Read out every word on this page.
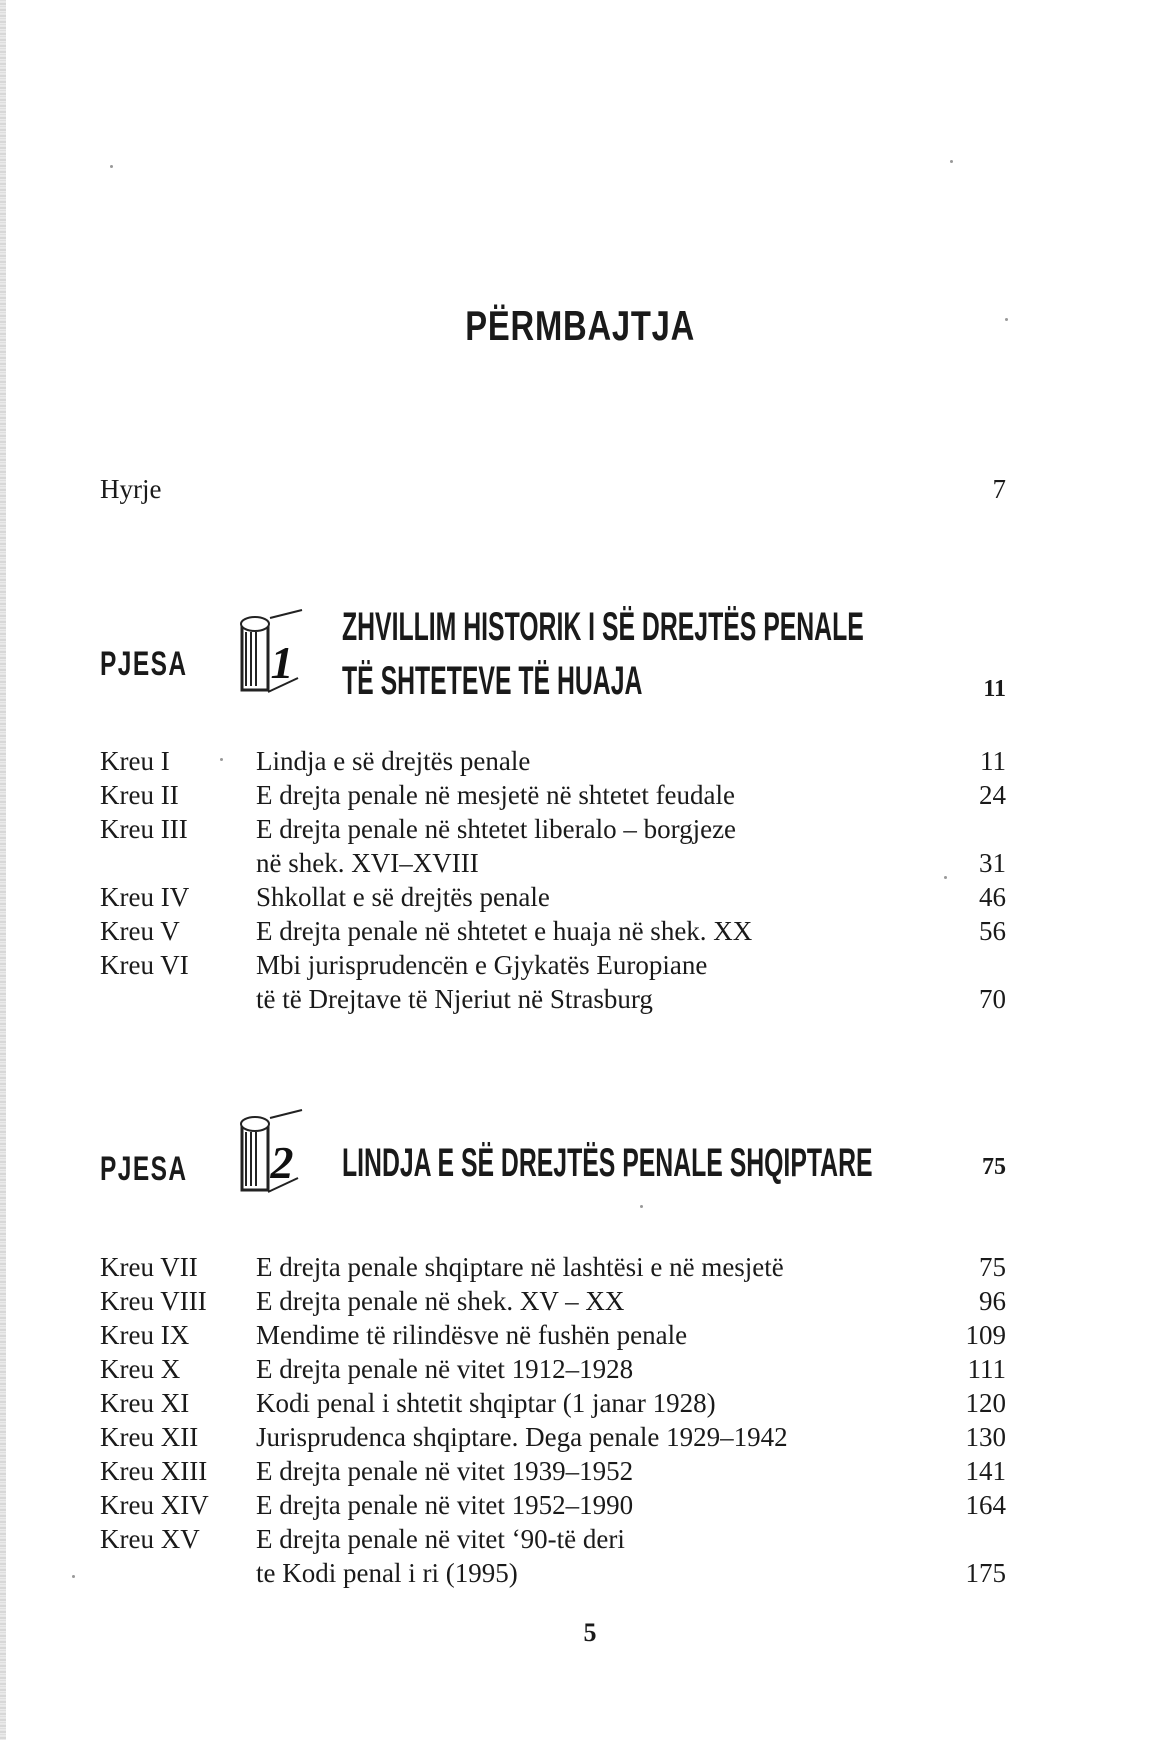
PËRMBAJTJA
Hyrje	7
PJESA 1
ZHVILLIM HISTORIK I SË DREJTËS PENALE
TË SHTETEVE TË HUAJA	11
Kreu I	Lindja e së drejtës penale	11
Kreu II	E drejta penale në mesjetë në shtetet feudale	24
Kreu III	E drejta penale në shtetet liberalo – borgjeze
në shek. XVI–XVIII	31
Kreu IV Shkollat e së drejtës penale	46
Kreu V	E drejta penale në shtetet e huaja në shek. XX	56
Kreu VI Mbi jurisprudencën e Gjykatës Europiane
të të Drejtave të Njeriut në Strasburg	70
PJESA 2 LINDJA E SË DREJTËS PENALE SHQIPTARE	75
Kreu VII E drejta penale shqiptare në lashtësi e në mesjetë	75
Kreu VIII E drejta penale në shek. XV – XX	96
Kreu IX Mendime të rilindësve në fushën penale	109
Kreu X	E drejta penale në vitet 1912–1928	111
Kreu XI Kodi penal i shtetit shqiptar (1 janar 1928)	120
Kreu XII Jurisprudenca shqiptare. Dega penale 1929–1942	130
Kreu XIII E drejta penale në vitet 1939–1952	141
Kreu XIV E drejta penale në vitet 1952–1990	164
Kreu XV E drejta penale në vitet ‘90-të deri
te Kodi penal i ri (1995)	175
5
